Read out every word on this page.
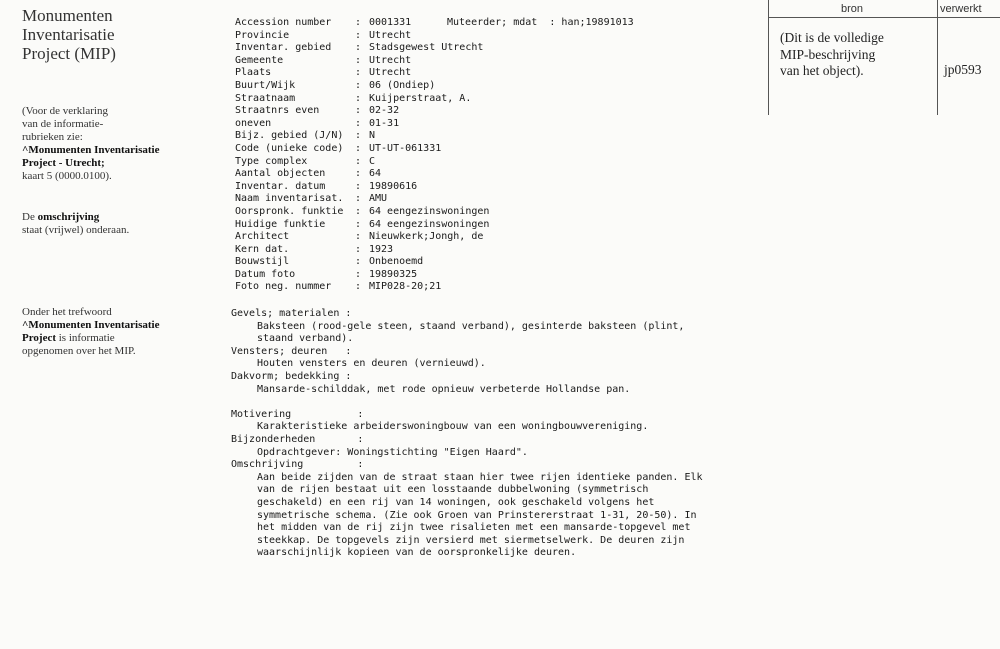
Monumenten
Inventarisatie
Project (MIP)
(Voor de verklaring
van de informatie-
rubrieken zie:
^Monumenten Inventarisatie
Project - Utrecht;
kaart 5 (0000.0100).
De omschrijving
staat (vrijwel) onderaan.
Onder het trefwoord
^Monumenten Inventarisatie
Project is informatie
opgenomen over het MIP.
Accession number : 0001331
Provincie	: Utrecht
Inventar. gebied : Stadsgewest Utrecht
Gemeente	: Utrecht
Plaats	: Utrecht
Buurt/Wijk	: 06 (Ondiep)
Straatnaam	: Kuijperstraat, A.
Straatnrs even	: 02-32
oneven	: 01-31
Bijz. gebied (J/N) : N
Code (unieke code) : UT-UT-061331
Type complex	: C
Aantal objecten	: 64
Inventar. datum	: 19890616
Naam inventarisat. : AMU
Oorspronk. funktie : 64 eengezinswoningen
Huidige funktie	: 64 eengezinswoningen
Architect	: Nieuwkerk;Jongh, de
Kern dat.	: 1923
Bouwstijl	: Onbenoemd
Datum foto	: 19890325
Foto neg. nummer : MIP028-20;21
Muteerder; mdat : han;19891013
Gevels; materialen :
Baksteen (rood-gele steen, staand verband), gesinterde baksteen (plint,
staand verband).
Vensters; deuren   :
Houten vensters en deuren (vernieuwd).
Dakvorm; bedekking :
Mansarde-schilddak, met rode opnieuw verbeterde Hollandse pan.
Motivering           :
Karakteristieke arbeiderswoningbouw van een woningbouwvereniging.
Bijzonderheden       :
Opdrachtgever: Woningstichting "Eigen Haard".
Omschrijving         :
Aan beide zijden van de straat staan hier twee rijen identieke panden. Elk
van de rijen bestaat uit een losstaande dubbelwoning (symmetrisch
geschakeld) en een rij van 14 woningen, ook geschakeld volgens het
symmetrische schema. (Zie ook Groen van Prinstererstraat 1-31, 20-50). In
het midden van de rij zijn twee risalieten met een mansarde-topgevel met
steekkap. De topgevels zijn versierd met siermetselwerk. De deuren zijn
waarschijnlijk kopieen van de oorspronkelijke deuren.
bron	verwerkt
(Dit is de volledige
MIP-beschrijving
van het object).	jp0593
